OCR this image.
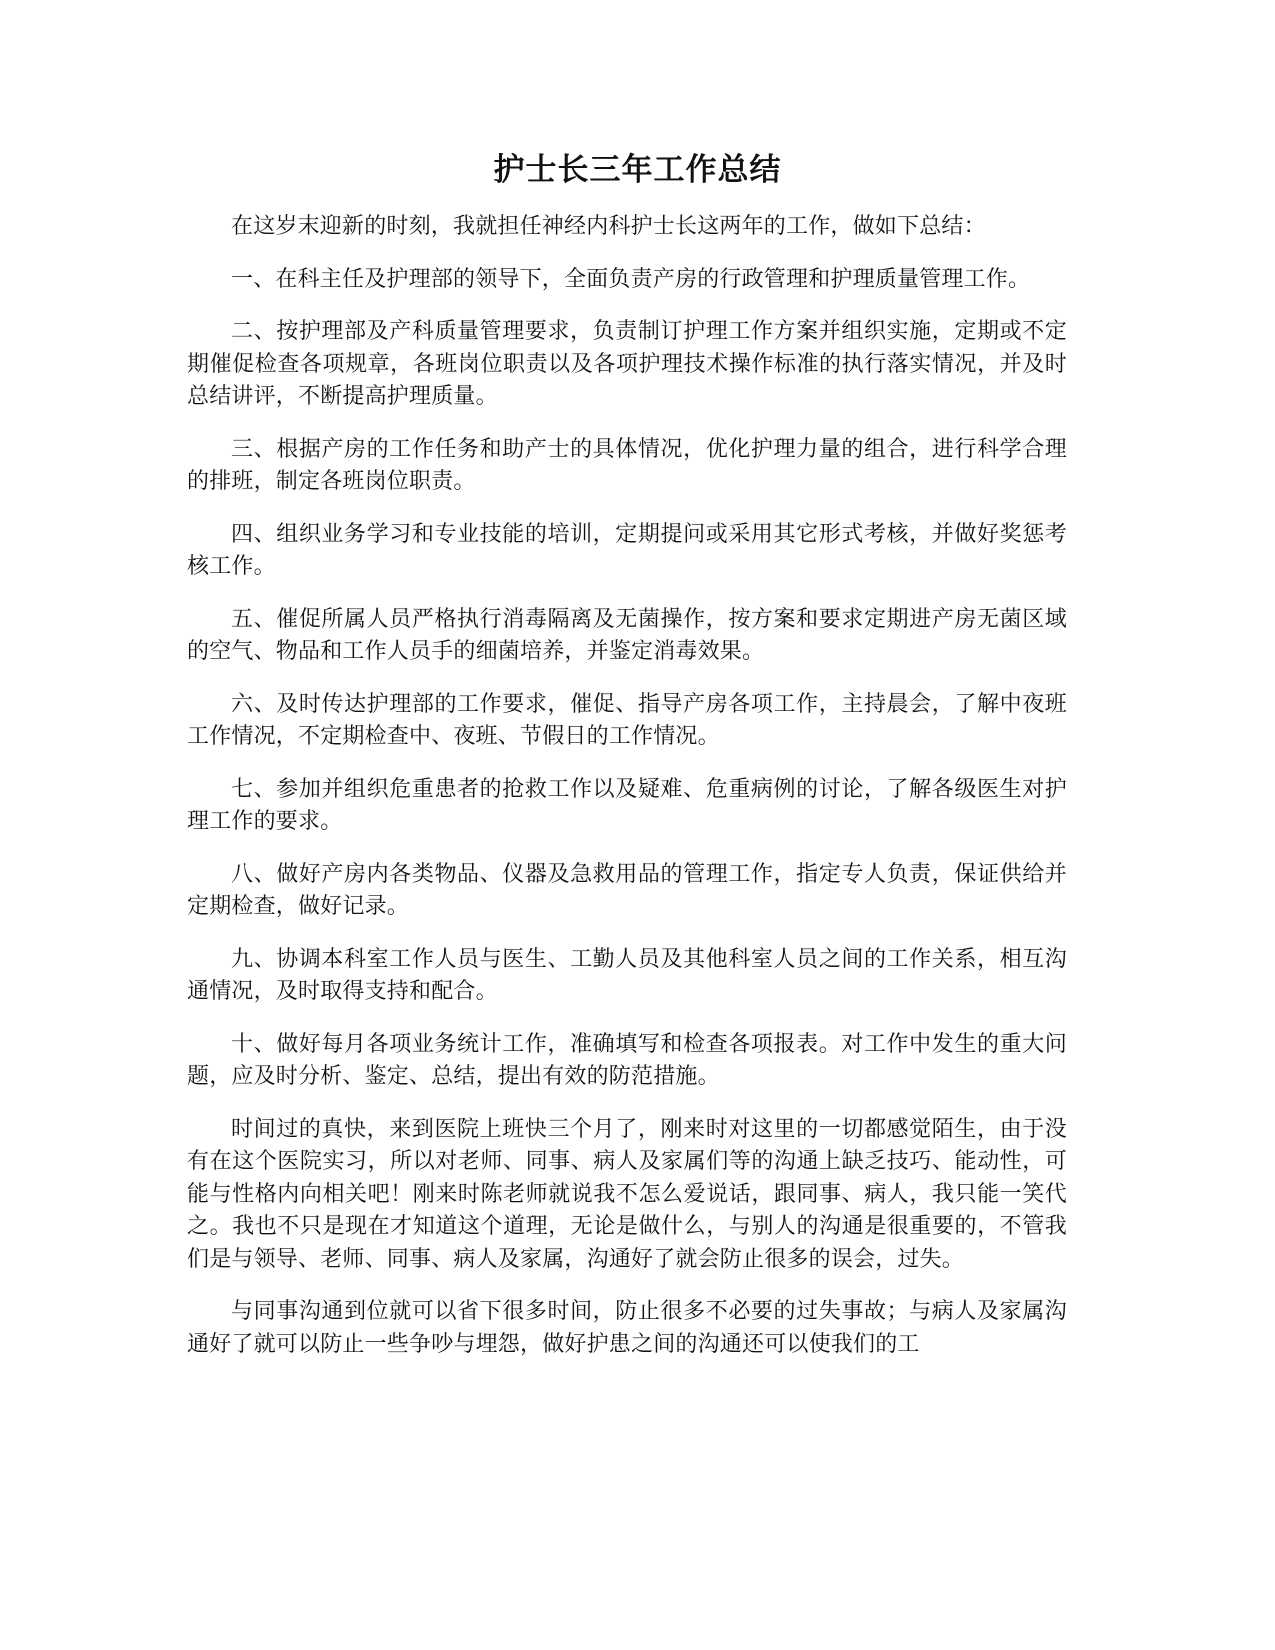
护士长三年工作总结

在这岁末迎新的时刻，我就担任神经内科护士长这两年的工作，做如下总结：

一、在科主任及护理部的领导下，全面负责产房的行政管理和护理质量管理工作。

二、按护理部及产科质量管理要求，负责制订护理工作方案并组织实施，定期或不定期催促检查各项规章，各班岗位职责以及各项护理技术操作标准的执行落实情况，并及时总结讲评，不断提高护理质量。

三、根据产房的工作任务和助产士的具体情况，优化护理力量的组合，进行科学合理的排班，制定各班岗位职责。

四、组织业务学习和专业技能的培训，定期提问或采用其它形式考核，并做好奖惩考核工作。

五、催促所属人员严格执行消毒隔离及无菌操作，按方案和要求定期进产房无菌区域的空气、物品和工作人员手的细菌培养，并鉴定消毒效果。

六、及时传达护理部的工作要求，催促、指导产房各项工作，主持晨会，了解中夜班工作情况，不定期检查中、夜班、节假日的工作情况。

七、参加并组织危重患者的抢救工作以及疑难、危重病例的讨论，了解各级医生对护理工作的要求。

八、做好产房内各类物品、仪器及急救用品的管理工作，指定专人负责，保证供给并定期检查，做好记录。

九、协调本科室工作人员与医生、工勤人员及其他科室人员之间的工作关系，相互沟通情况，及时取得支持和配合。

十、做好每月各项业务统计工作，准确填写和检查各项报表。对工作中发生的重大问题，应及时分析、鉴定、总结，提出有效的防范措施。

时间过的真快，来到医院上班快三个月了，刚来时对这里的一切都感觉陌生，由于没有在这个医院实习，所以对老师、同事、病人及家属们等的沟通上缺乏技巧、能动性，可能与性格内向相关吧！刚来时陈老师就说我不怎么爱说话，跟同事、病人，我只能一笑代之。我也不只是现在才知道这个道理，无论是做什么，与别人的沟通是很重要的，不管我们是与领导、老师、同事、病人及家属，沟通好了就会防止很多的误会，过失。

与同事沟通到位就可以省下很多时间，防止很多不必要的过失事故；与病人及家属沟通好了就可以防止一些争吵与埋怨，做好护患之间的沟通还可以使我们的工
